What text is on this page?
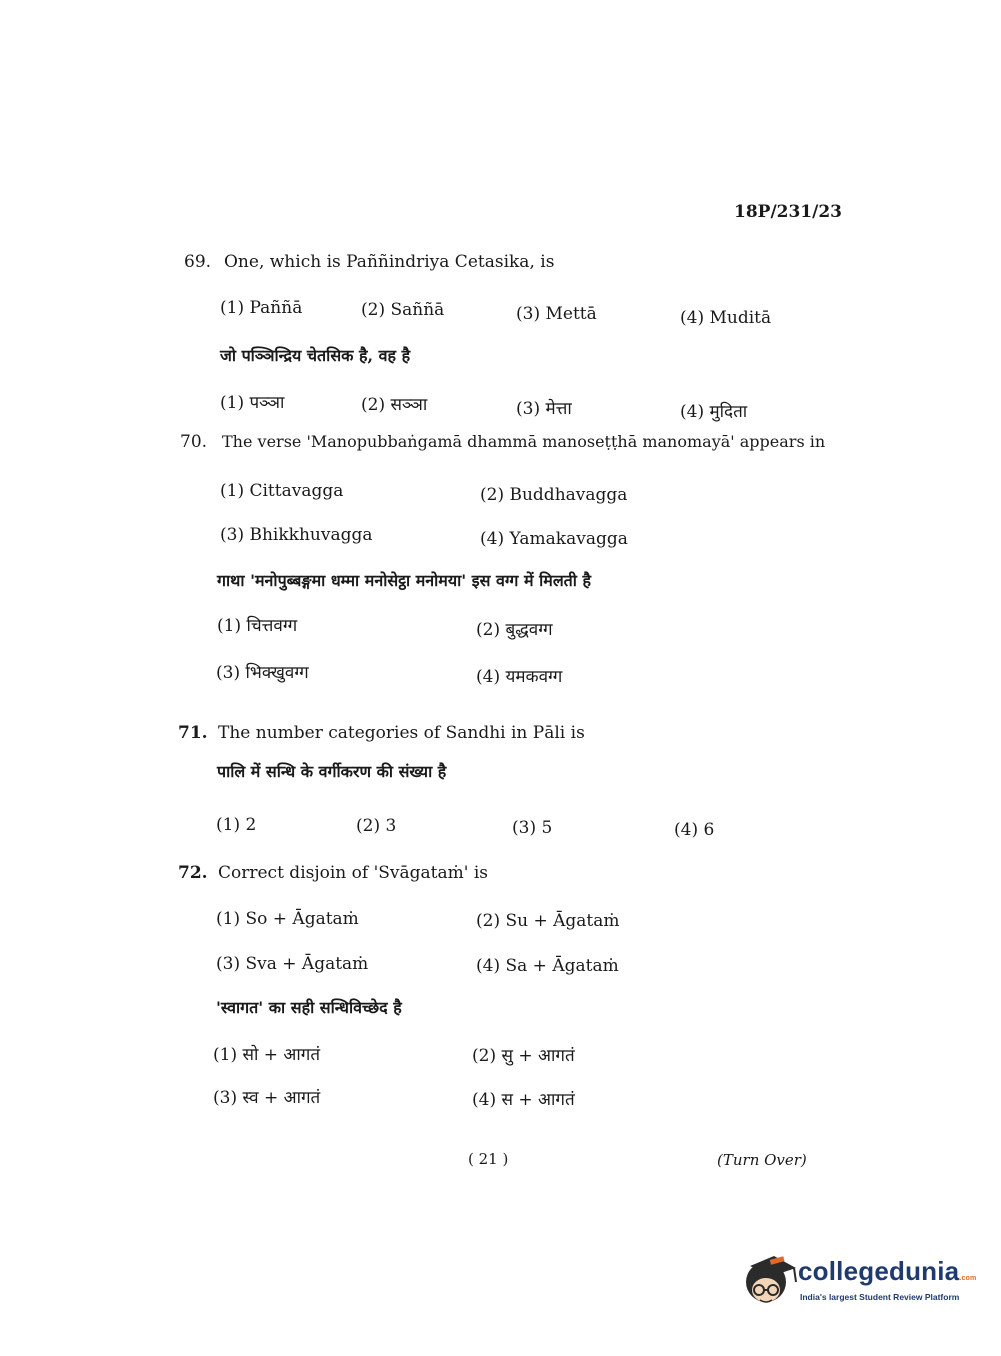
18P/231/23
69. One, which is Paññindriya Cetasika, is
(1) Paññā	(2) Saññā	(3) Mettā	(4) Muditā
जो पञ्ञिन्द्रिय चेतसिक है, वह है
(1) पञ्ञा	(2) सञ्ञा	(3) मेत्ता	(4) मुदिता
70. The verse 'Manopubbaṅgamā dhammā manoseṭṭhā manomayā' appears in
(1) Cittavagga	(2) Buddhavagga
(3) Bhikkhuvagga	(4) Yamakavagga
गाथा 'मनोपुब्बङ्गमा धम्मा मनोसेट्ठा मनोमया' इस वग्ग में मिलती है
(1) चित्तवग्ग	(2) बुद्धवग्ग
(3) भिक्खुवग्ग	(4) यमकवग्ग
71. The number categories of Sandhi in Pāli is
पालि में सन्धि के वर्गीकरण की संख्या है
(1) 2	(2) 3	(3) 5	(4) 6
72. Correct disjoin of 'Svāgataṁ' is
(1) So + Āgataṁ	(2) Su + Āgataṁ
(3) Sva + Āgataṁ	(4) Sa + Āgataṁ
'स्वागत' का सही सन्धिविच्छेद है
(1) सो + आगतं	(2) सु + आगतं
(3) स्व + आगतं	(4) स + आगतं
( 21 )	(Turn Over)
collegedunia.com
India's largest Student Review Platform
